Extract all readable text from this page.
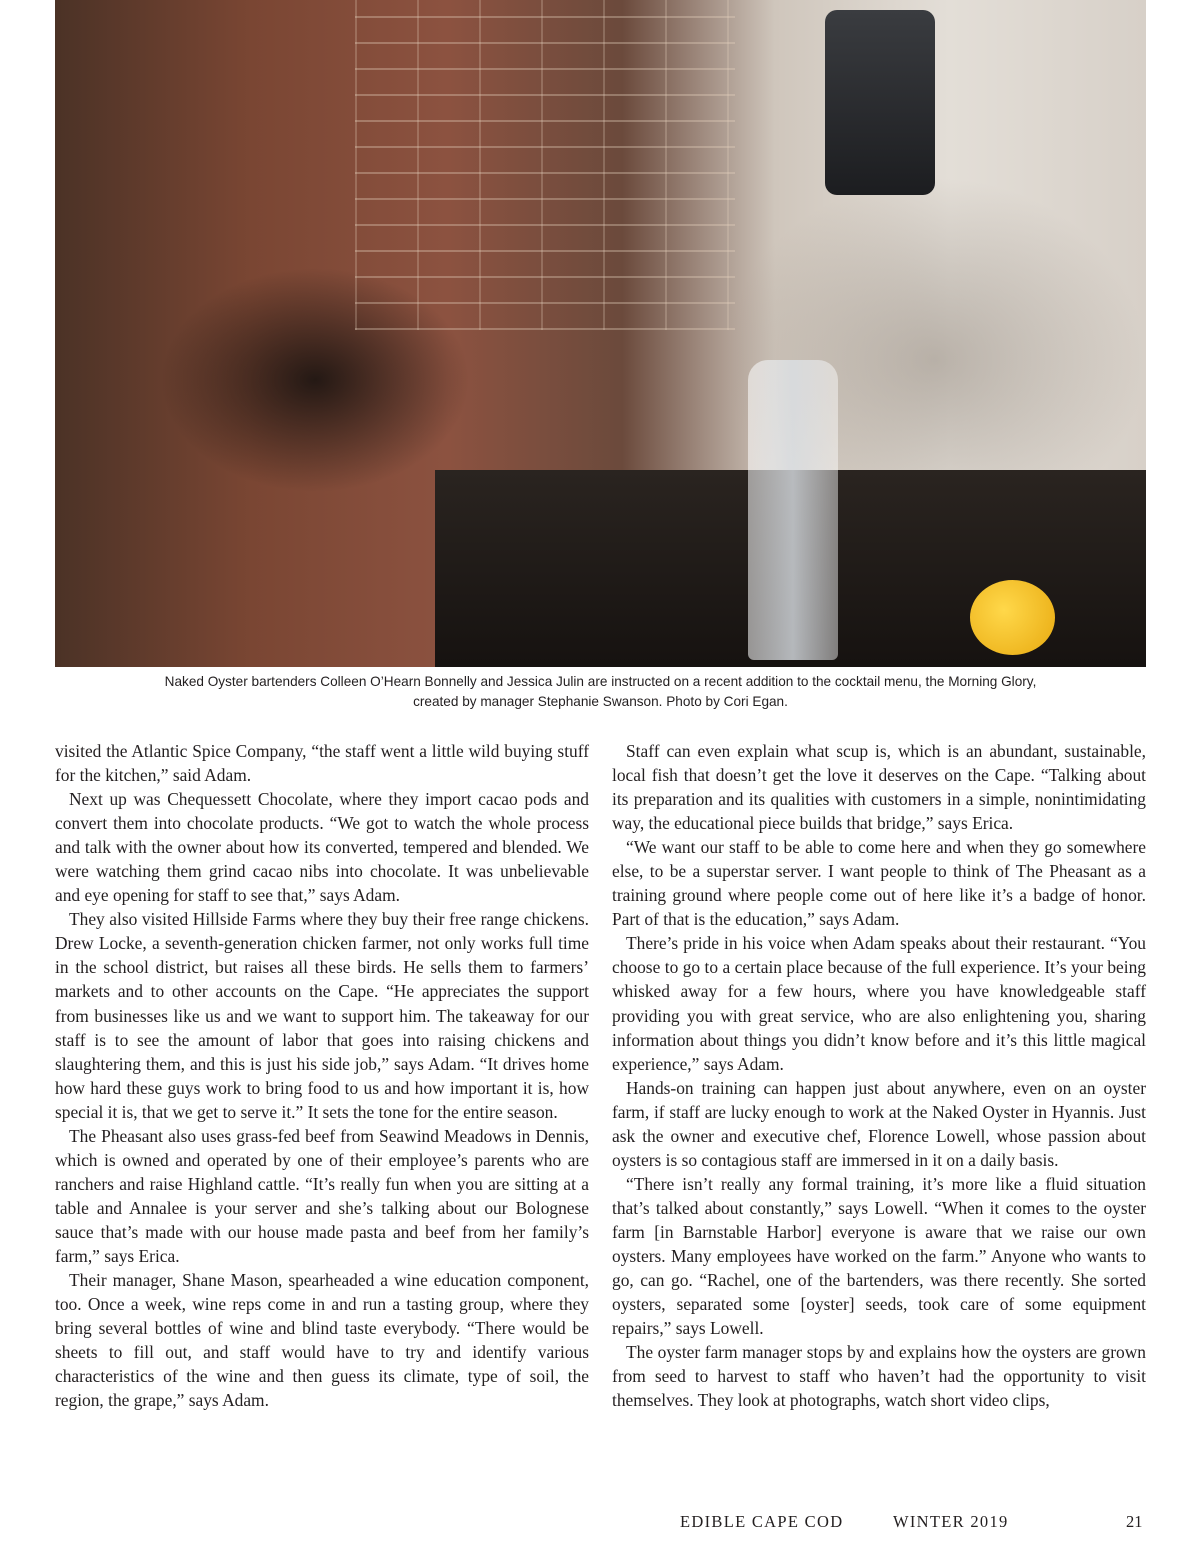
Naked Oyster bartenders Colleen O’Hearn Bonnelly and Jessica Julin are instructed on a recent addition to the cocktail menu, the Morning Glory,
created by manager Stephanie Swanson. Photo by Cori Egan.

visited the Atlantic Spice Company, “the staff went a little wild buying stuff for the kitchen,” said Adam.

Next up was Chequessett Chocolate, where they import cacao pods and convert them into chocolate products. “We got to watch the whole process and talk with the owner about how its converted, tempered and blended. We were watching them grind cacao nibs into chocolate. It was unbelievable and eye opening for staff to see that,” says Adam.

They also visited Hillside Farms where they buy their free range chickens. Drew Locke, a seventh-generation chicken farmer, not only works full time in the school district, but raises all these birds. He sells them to farmers’ markets and to other accounts on the Cape. “He appreciates the support from businesses like us and we want to support him. The takeaway for our staff is to see the amount of labor that goes into raising chickens and slaughtering them, and this is just his side job,” says Adam. “It drives home how hard these guys work to bring food to us and how important it is, how special it is, that we get to serve it.” It sets the tone for the entire season.

The Pheasant also uses grass-fed beef from Seawind Meadows in Dennis, which is owned and operated by one of their employee’s parents who are ranchers and raise Highland cattle. “It’s really fun when you are sitting at a table and Annalee is your server and she’s talking about our Bolognese sauce that’s made with our house made pasta and beef from her family’s farm,” says Erica.

Their manager, Shane Mason, spearheaded a wine education component, too. Once a week, wine reps come in and run a tasting group, where they bring several bottles of wine and blind taste everybody. “There would be sheets to fill out, and staff would have to try and identify various characteristics of the wine and then guess its climate, type of soil, the region, the grape,” says Adam.

Staff can even explain what scup is, which is an abundant, sustainable, local fish that doesn’t get the love it deserves on the Cape. “Talking about its preparation and its qualities with customers in a simple, nonintimidating way, the educational piece builds that bridge,” says Erica.

“We want our staff to be able to come here and when they go somewhere else, to be a superstar server. I want people to think of The Pheasant as a training ground where people come out of here like it’s a badge of honor. Part of that is the education,” says Adam.

There’s pride in his voice when Adam speaks about their restaurant. “You choose to go to a certain place because of the full experience. It’s your being whisked away for a few hours, where you have knowledgeable staff providing you with great service, who are also enlightening you, sharing information about things you didn’t know before and it’s this little magical experience,” says Adam.

Hands-on training can happen just about anywhere, even on an oyster farm, if staff are lucky enough to work at the Naked Oyster in Hyannis. Just ask the owner and executive chef, Florence Lowell, whose passion about oysters is so contagious staff are immersed in it on a daily basis.

“There isn’t really any formal training, it’s more like a fluid situation that’s talked about constantly,” says Lowell. “When it comes to the oyster farm [in Barnstable Harbor] everyone is aware that we raise our own oysters. Many employees have worked on the farm.” Anyone who wants to go, can go. “Rachel, one of the bartenders, was there recently. She sorted oysters, separated some [oyster] seeds, took care of some equipment repairs,” says Lowell.

The oyster farm manager stops by and explains how the oysters are grown from seed to harvest to staff who haven’t had the opportunity to visit themselves. They look at photographs, watch short video clips,

EDIBLE CAPE COD	WINTER 2019	21
